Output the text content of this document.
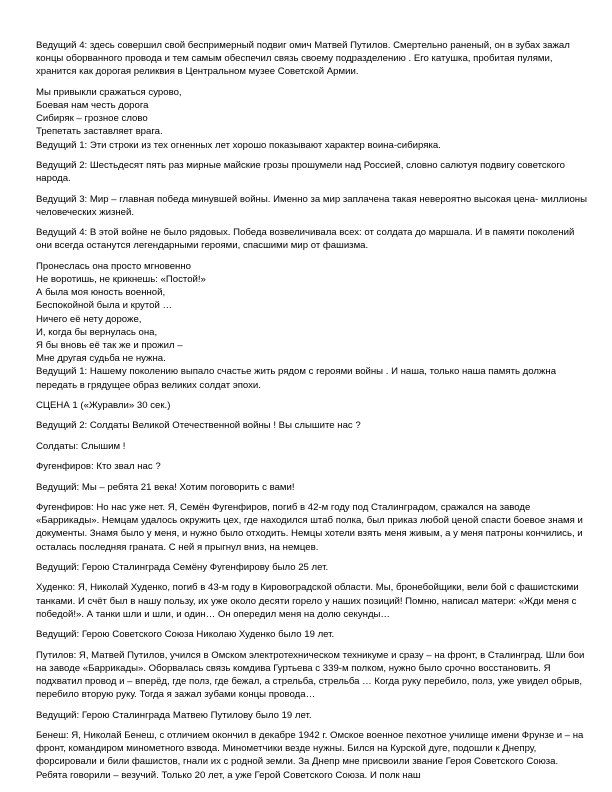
Ведущий 4: здесь совершил свой беспримерный подвиг омич Матвей Путилов. Смертельно раненый, он в зубах зажал концы оборванного провода и тем самым обеспечил связь своему подразделению . Его катушка, пробитая пулями, хранится как дорогая реликвия в Центральном музее Советской Армии.

Мы привыкли сражаться сурово,
Боевая нам честь дорога
Сибиряк – грозное слово
Трепетать заставляет врага.
Ведущий 1: Эти строки из тех огненных лет хорошо показывают характер воина-сибиряка.

Ведущий 2: Шестьдесят пять раз мирные майские грозы прошумели над Россией, словно салютуя подвигу советского народа.

Ведущий 3: Мир – главная победа минувшей войны. Именно за мир заплачена такая невероятно высокая цена- миллионы человеческих жизней.

Ведущий 4: В этой войне не было рядовых. Победа возвеличивала всех: от солдата до маршала. И в памяти поколений они всегда останутся легендарными героями, спасшими мир от фашизма.

Пронеслась она просто мгновенно
Не воротишь, не крикнешь: «Постой!»
А была моя юность военной,
Беспокойной была и крутой …
Ничего её нету дороже,
И, когда бы вернулась она,
Я бы вновь её так же и прожил –
Мне другая судьба не нужна.
Ведущий 1: Нашему поколению выпало счастье жить рядом с героями войны . И наша, только наша память должна передать в грядущее образ великих солдат эпохи.

СЦЕНА 1 («Журавли» 30 сек.)

Ведущий 2: Солдаты Великой Отечественной войны ! Вы слышите нас ?

Солдаты: Слышим !

Фугенфиров: Кто звал нас ?

Ведущий: Мы – ребята 21 века! Хотим поговорить с вами!

Фугенфиров: Но нас уже нет. Я, Семён Фугенфиров, погиб в 42-м году под Сталинградом, сражался на заводе «Баррикады». Немцам удалось окружить цех, где находился штаб полка, был приказ любой ценой спасти боевое знамя и документы. Знамя было у меня, и нужно было отходить. Немцы хотели взять меня живым, а у меня патроны кончились, и осталась последняя граната. С ней я прыгнул вниз, на немцев.

Ведущий: Герою Сталинграда Семёну Фугенфирову было 25 лет.

Худенко: Я, Николай Худенко, погиб в 43-м году в Кировоградской области. Мы, бронебойщики, вели бой с фашистскими танками. И счёт был в нашу пользу, их уже около десяти горело у наших позиций! Помню, написал матери: «Жди меня с победой!». А танки шли и шли, и один… Он опередил меня на долю секунды…

Ведущий: Герою Советского Союза Николаю Худенко было 19 лет.

Путилов: Я, Матвей Путилов, учился в Омском электротехническом техникуме и сразу – на фронт, в Сталинград. Шли бои на заводе «Баррикады». Оборвалась связь комдива Гуртьева с 339-м полком, нужно было срочно восстановить. Я подхватил провод и – вперёд, где полз, где бежал, а стрельба, стрельба … Когда руку перебило, полз, уже увидел обрыв, перебило вторую руку. Тогда я зажал зубами концы провода…

Ведущий: Герою Сталинграда Матвею Путилову было 19 лет.

Бенеш: Я, Николай Бенеш, с отличием окончил в декабре 1942 г. Омское военное пехотное училище имени Фрунзе и – на фронт, командиром минометного взвода. Минометчики везде нужны. Бился на Курской дуге, подошли к Днепру, форсировали и били фашистов, гнали их с родной земли. За Днепр мне присвоили звание Героя Советского Союза. Ребята говорили – везучий. Только 20 лет, а уже Герой Советского Союза. И полк наш
